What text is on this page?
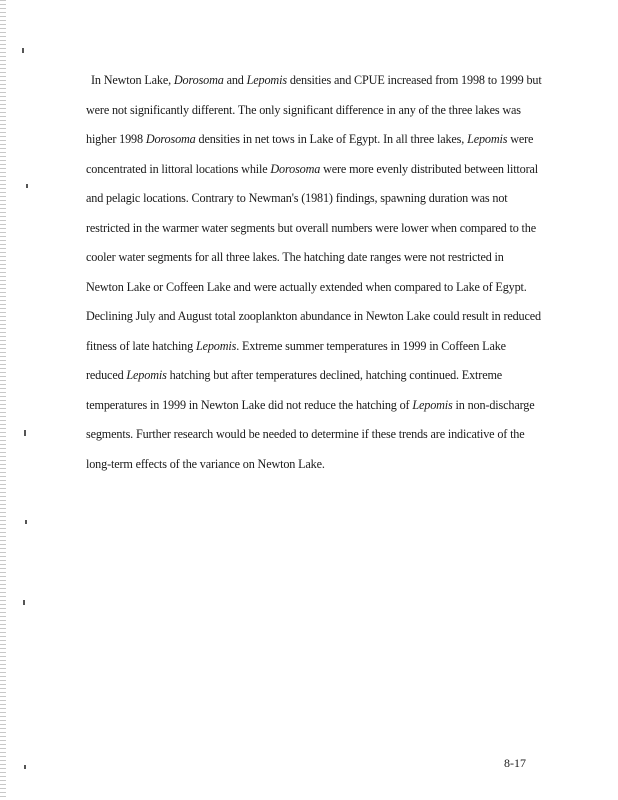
In Newton Lake, Dorosoma and Lepomis densities and CPUE increased from 1998 to 1999 but
were not significantly different. The only significant difference in any of the three lakes was
higher 1998 Dorosoma densities in net tows in Lake of Egypt. In all three lakes, Lepomis were
concentrated in littoral locations while Dorosoma were more evenly distributed between littoral
and pelagic locations. Contrary to Newman's (1981) findings, spawning duration was not
restricted in the warmer water segments but overall numbers were lower when compared to the
cooler water segments for all three lakes. The hatching date ranges were not restricted in
Newton Lake or Coffeen Lake and were actually extended when compared to Lake of Egypt.
Declining July and August total zooplankton abundance in Newton Lake could result in reduced
fitness of late hatching Lepomis. Extreme summer temperatures in 1999 in Coffeen Lake
reduced Lepomis hatching but after temperatures declined, hatching continued. Extreme
temperatures in 1999 in Newton Lake did not reduce the hatching of Lepomis in non-discharge
segments. Further research would be needed to determine if these trends are indicative of the
long-term effects of the variance on Newton Lake.

8-17
